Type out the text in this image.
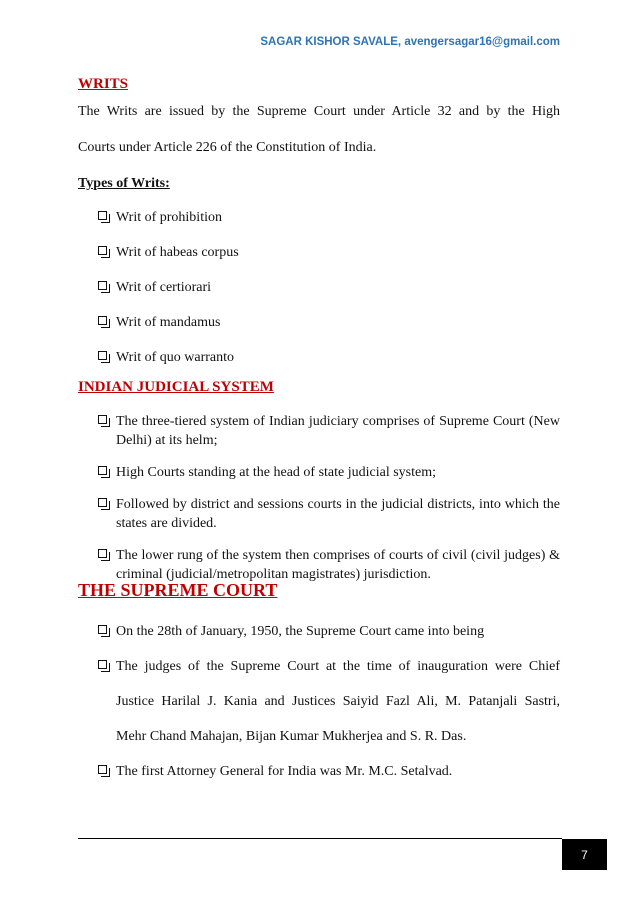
SAGAR KISHOR SAVALE, avengersagar16@gmail.com
WRITS
The Writs are issued by the Supreme Court under Article 32 and by the High
Courts under Article 226 of the Constitution of India.
Types of Writs:
Writ of prohibition
Writ of habeas corpus
Writ of certiorari
Writ of mandamus
Writ of quo warranto
INDIAN JUDICIAL SYSTEM
The three-tiered system of Indian judiciary comprises of Supreme Court (New Delhi) at its helm;
High Courts standing at the head of state judicial system;
Followed by district and sessions courts in the judicial districts, into which the states are divided.
The lower rung of the system then comprises of courts of civil (civil judges) & criminal (judicial/metropolitan magistrates) jurisdiction.
THE SUPREME COURT
On the 28th of January, 1950, the Supreme Court came into being
The judges of the Supreme Court at the time of inauguration were Chief
Justice Harilal J. Kania and Justices Saiyid Fazl Ali, M. Patanjali Sastri,
Mehr Chand Mahajan, Bijan Kumar Mukherjea and S. R. Das.
The first Attorney General for India was Mr. M.C. Setalvad.
7
